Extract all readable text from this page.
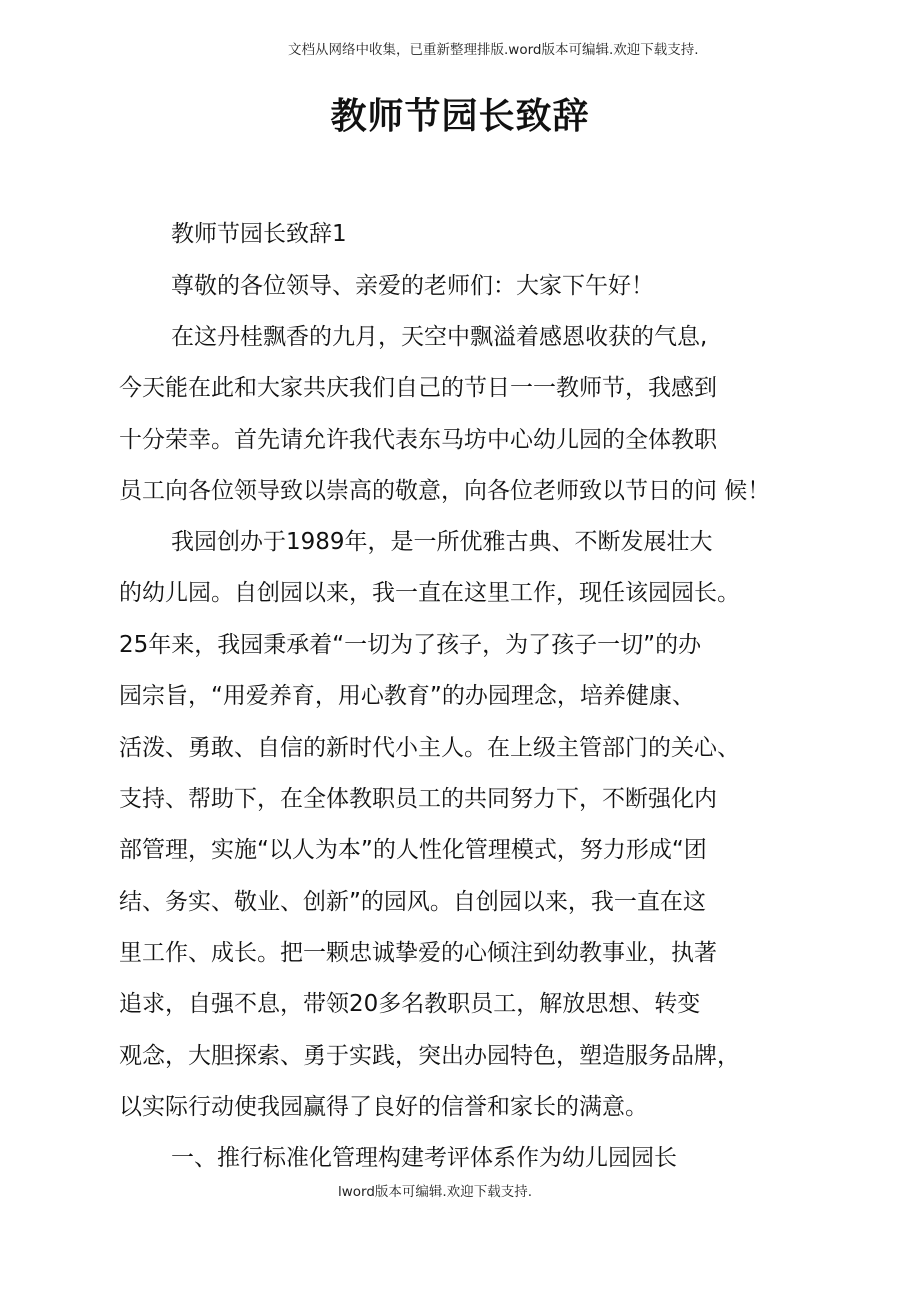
文档从网络中收集，已重新整理排版.word版本可编辑.欢迎下载支持.
教师节园长致辞
教师节园长致辞1
尊敬的各位领导、亲爱的老师们：大家下午好！
在这丹桂飘香的九月，天空中飘溢着感恩收获的气息,
今天能在此和大家共庆我们自己的节日一一教师节，我感到
十分荣幸。首先请允许我代表东马坊中心幼儿园的全体教职
员工向各位领导致以崇高的敬意，向各位老师致以节日的问 候！
我园创办于1989年，是一所优雅古典、不断发展壮大
的幼儿园。自创园以来，我一直在这里工作，现任该园园长。
25年来，我园秉承着“一切为了孩子，为了孩子一切”的办
园宗旨，“用爱养育，用心教育”的办园理念，培养健康、
活泼、勇敢、自信的新时代小主人。在上级主管部门的关心、
支持、帮助下，在全体教职员工的共同努力下，不断强化内
部管理，实施“以人为本”的人性化管理模式，努力形成“团
结、务实、敬业、创新”的园风。自创园以来，我一直在这
里工作、成长。把一颗忠诚挚爱的心倾注到幼教事业，执著
追求，自强不息，带领20多名教职员工，解放思想、转变
观念，大胆探索、勇于实践，突出办园特色，塑造服务品牌，
以实际行动使我园赢得了良好的信誉和家长的满意。
一、推行标准化管理构建考评体系作为幼儿园园长
lword版本可编辑.欢迎下载支持.
